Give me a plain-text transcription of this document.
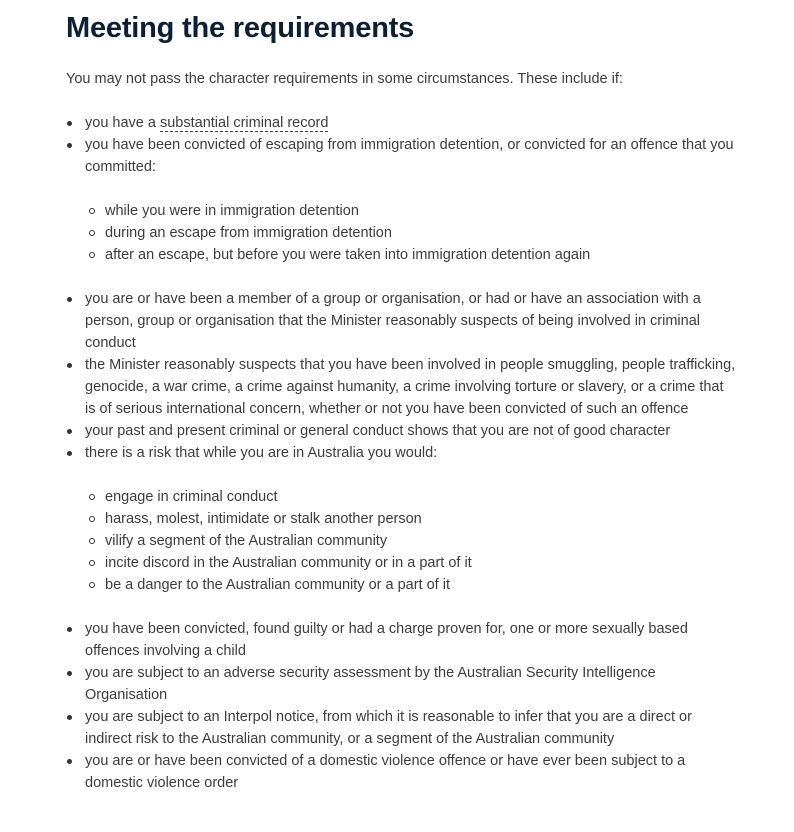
Meeting the requirements

You may not pass the character requirements in some circumstances. These include if:

you have a substantial criminal record
you have been convicted of escaping from immigration detention, or convicted for an offence that you committed:
while you were in immigration detention
during an escape from immigration detention
after an escape, but before you were taken into immigration detention again
you are or have been a member of a group or organisation, or had or have an association with a person, group or organisation that the Minister reasonably suspects of being involved in criminal conduct
the Minister reasonably suspects that you have been involved in people smuggling, people trafficking, genocide, a war crime, a crime against humanity, a crime involving torture or slavery, or a crime that is of serious international concern, whether or not you have been convicted of such an offence
your past and present criminal or general conduct shows that you are not of good character
there is a risk that while you are in Australia you would:
engage in criminal conduct
harass, molest, intimidate or stalk another person
vilify a segment of the Australian community
incite discord in the Australian community or in a part of it
be a danger to the Australian community or a part of it
you have been convicted, found guilty or had a charge proven for, one or more sexually based offences involving a child
you are subject to an adverse security assessment by the Australian Security Intelligence Organisation
you are subject to an Interpol notice, from which it is reasonable to infer that you are a direct or indirect risk to the Australian community, or a segment of the Australian community
you are or have been convicted of a domestic violence offence or have ever been subject to a domestic violence order
